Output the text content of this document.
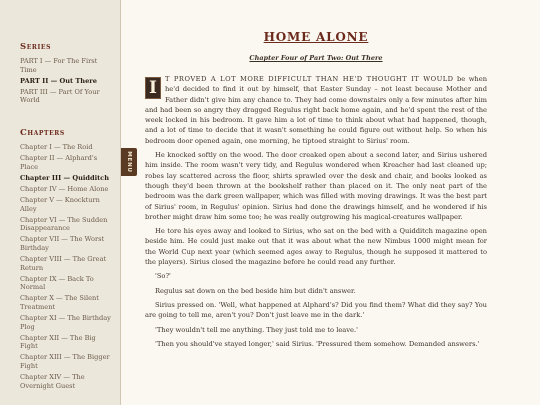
Series
PART I — For The First Time
PART II — Out There
PART III — Part Of Your World
Chapters
Chapter I — The Roid
Chapter II — Alphard's Place
Chapter III — Quidditch
Chapter IV — Home Alone
Chapter V — Knockturn Alley
Chapter VI — The Sudden Disappearance
Chapter VII — The Worst Birthday
Chapter VIII — The Great Return
Chapter IX — Back To Normal
Chapter X — The Silent Treatment
Chapter XI — The Birthday Plog
Chapter XII — The Big Fight
Chapter XIII — The Bigger Fight
Chapter XIV — The Overnight Guest
MENU
HOME ALONE
Chapter Four of Part Two: Out There

I	T PROVED A LOT MORE DIFFICULT THAN HE'D THOUGHT IT WOULD be when he'd decided to find it out by himself, that Easter Sunday – not least because Mother and Father didn't give him any chance to. They had come downstairs only a few minutes after him and had been so angry they dragged Regulus right back home again, and he'd spent the rest of the week locked in his bedroom. It gave him a lot of time to think about what had happened, though, and a lot of time to decide that it wasn't something he could figure out without help. So when his bedroom door opened again, one morning, he tiptoed straight to Sirius' room.

He knocked softly on the wood. The door creaked open about a second later, and Sirius ushered him inside. The room wasn't very tidy, and Regulus wondered when Kreacher had last cleaned up; robes lay scattered across the floor, shirts sprawled over the desk and chair, and books looked as though they'd been thrown at the bookshelf rather than placed on it. The only neat part of the bedroom was the dark green wallpaper, which was filled with moving drawings. It was the best part of Sirius' room, in Regulus' opinion. Sirius had done the drawings himself, and he wondered if his brother might draw him some too; he was really outgrowing his magical-creatures wallpaper.

He tore his eyes away and looked to Sirius, who sat on the bed with a Quidditch magazine open beside him. He could just make out that it was about what the new Nimbus 1000 might mean for the World Cup next year (which seemed ages away to Regulus, though he supposed it mattered to the players). Sirius closed the magazine before he could read any further.

'So?'

Regulus sat down on the bed beside him but didn't answer.

Sirius pressed on. 'Well, what happened at Alphard's? Did you find them? What did they say? You are going to tell me, aren't you? Don't just leave me in the dark.'

'They wouldn't tell me anything. They just told me to leave.'

'Then you should've stayed longer,' said Sirius. 'Pressured them somehow. Demanded answers.'
